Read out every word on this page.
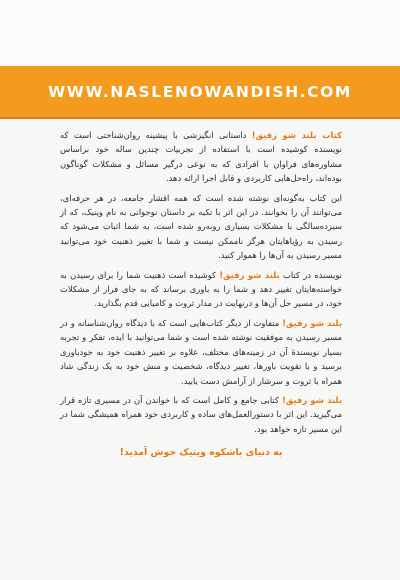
WWW.NASLENOWANDISH.COM

کتاب بلند شو رفیق! داستانی انگیزشی با پیشینه روان‌شناختی است که نویسنده کوشیده است با استفاده از تجربیات چندین ساله خود براساس مشاوره‌های فراوان با افرادی که به نوعی درگیر مسائل و مشکلات گوناگون بوده‌اند، راه‌حل‌هایی کاربردی و قابل اجرا ارائه دهد.

این کتاب به‌گونه‌ای نوشته شده است که همه اقشار جامعه، در هر حرفه‌ای، می‌توانند آن را بخوانند. در این اثر با تکیه بر داستان نوجوانی به نام وینیک، که از سیزده‌سالگی با مشکلات بسیاری روبه‌رو شده است، به شما اثبات می‌شود که رسیدن به رؤیاهایتان هرگز ناممکن نیست و شما با تغییر ذهنیت خود می‌توانید مسیر رسیدن به آن‌ها را هموار کنید.

نویسنده در کتاب بلند شو رفیق! کوشیده است ذهنیت شما را برای رسیدن به خواسته‌هایتان تغییر دهد و شما را به باوری برساند که به جای فرار از مشکلات خود، در مسیر حل آن‌ها و درنهایت در مدار ثروت و کامیابی قدم بگذارید.

بلند شو رفیق! متفاوت از دیگر کتاب‌هایی است که با دیدگاه روان‌شناسانه و در مسیر رسیدن به موفقیت نوشته شده است و شما می‌توانید با ایده، تفکر و تجربه بسیار نویسندهٔ آن در زمینه‌های مختلف، علاوه بر تغییر ذهنیت خود به خودباوری برسید و با تقویت باورها، تغییر دیدگاه، شخصیت و منش خود به یک زندگی شاد همراه با ثروت و سرشار از آرامش دست یابید.

بلند شو رفیق! کتابی جامع و کامل است که با خواندن آن در مسیری تازه قرار می‌گیرید. این اثر با دستورالعمل‌های ساده و کاربردی خود همراه همیشگی شما در این مسیر تازه خواهد بود.

به دنیای باشکوه وینیک خوش آمدید!
